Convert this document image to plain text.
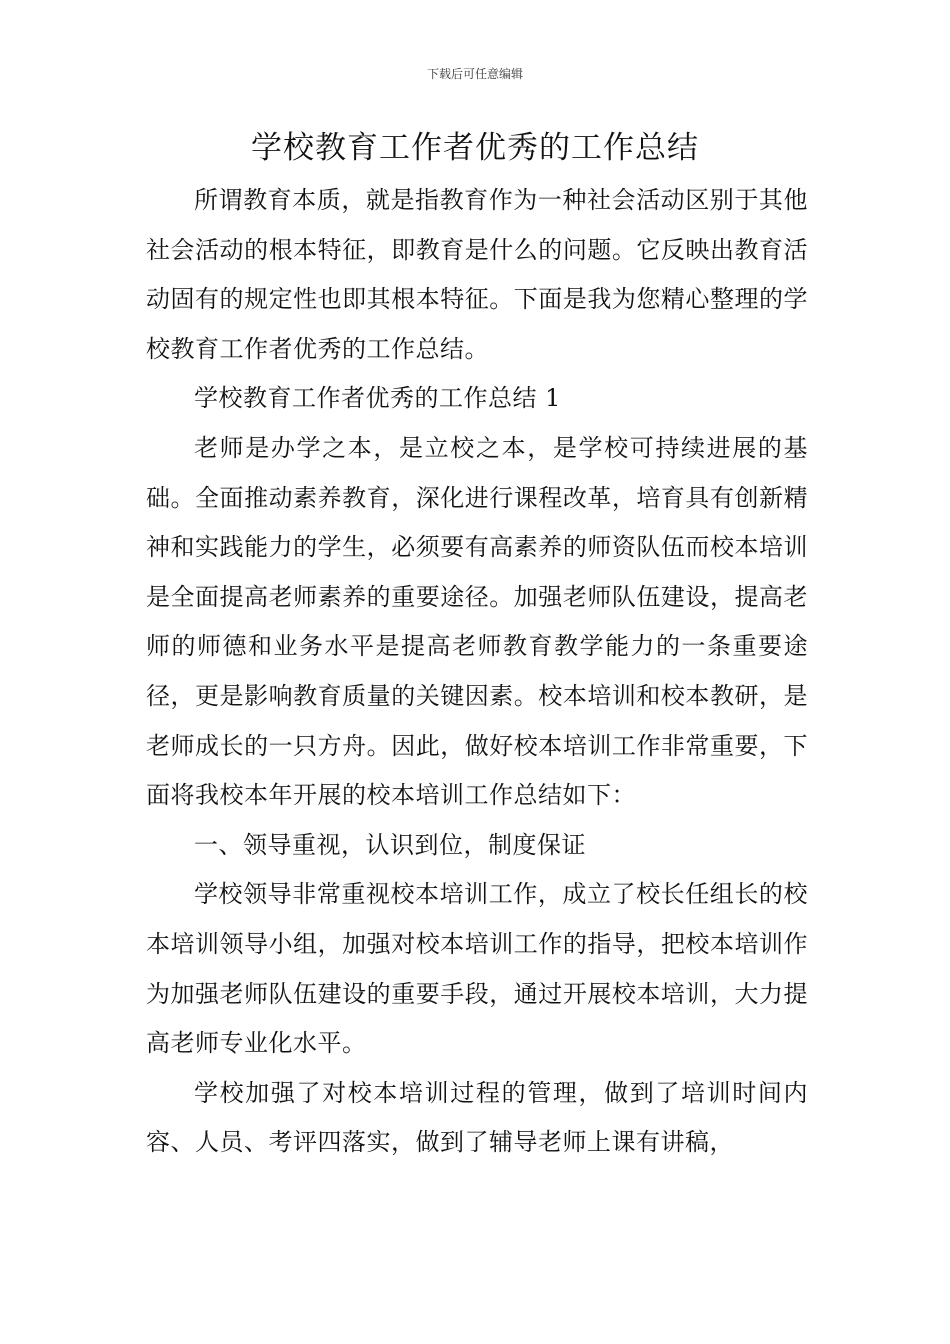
下载后可任意编辑
学校教育工作者优秀的工作总结

所谓教育本质，就是指教育作为一种社会活动区别于其他社会活动的根本特征，即教育是什么的问题。它反映出教育活动固有的规定性也即其根本特征。下面是我为您精心整理的学校教育工作者优秀的工作总结。

学校教育工作者优秀的工作总结 1

老师是办学之本，是立校之本，是学校可持续进展的基础。全面推动素养教育，深化进行课程改革，培育具有创新精神和实践能力的学生，必须要有高素养的师资队伍而校本培训是全面提高老师素养的重要途径。加强老师队伍建设，提高老师的师德和业务水平是提高老师教育教学能力的一条重要途径，更是影响教育质量的关键因素。校本培训和校本教研，是老师成长的一只方舟。因此，做好校本培训工作非常重要，下面将我校本年开展的校本培训工作总结如下：

一、领导重视，认识到位，制度保证

学校领导非常重视校本培训工作，成立了校长任组长的校本培训领导小组，加强对校本培训工作的指导，把校本培训作为加强老师队伍建设的重要手段，通过开展校本培训，大力提高老师专业化水平。

学校加强了对校本培训过程的管理，做到了培训时间内容、人员、考评四落实，做到了辅导老师上课有讲稿，
